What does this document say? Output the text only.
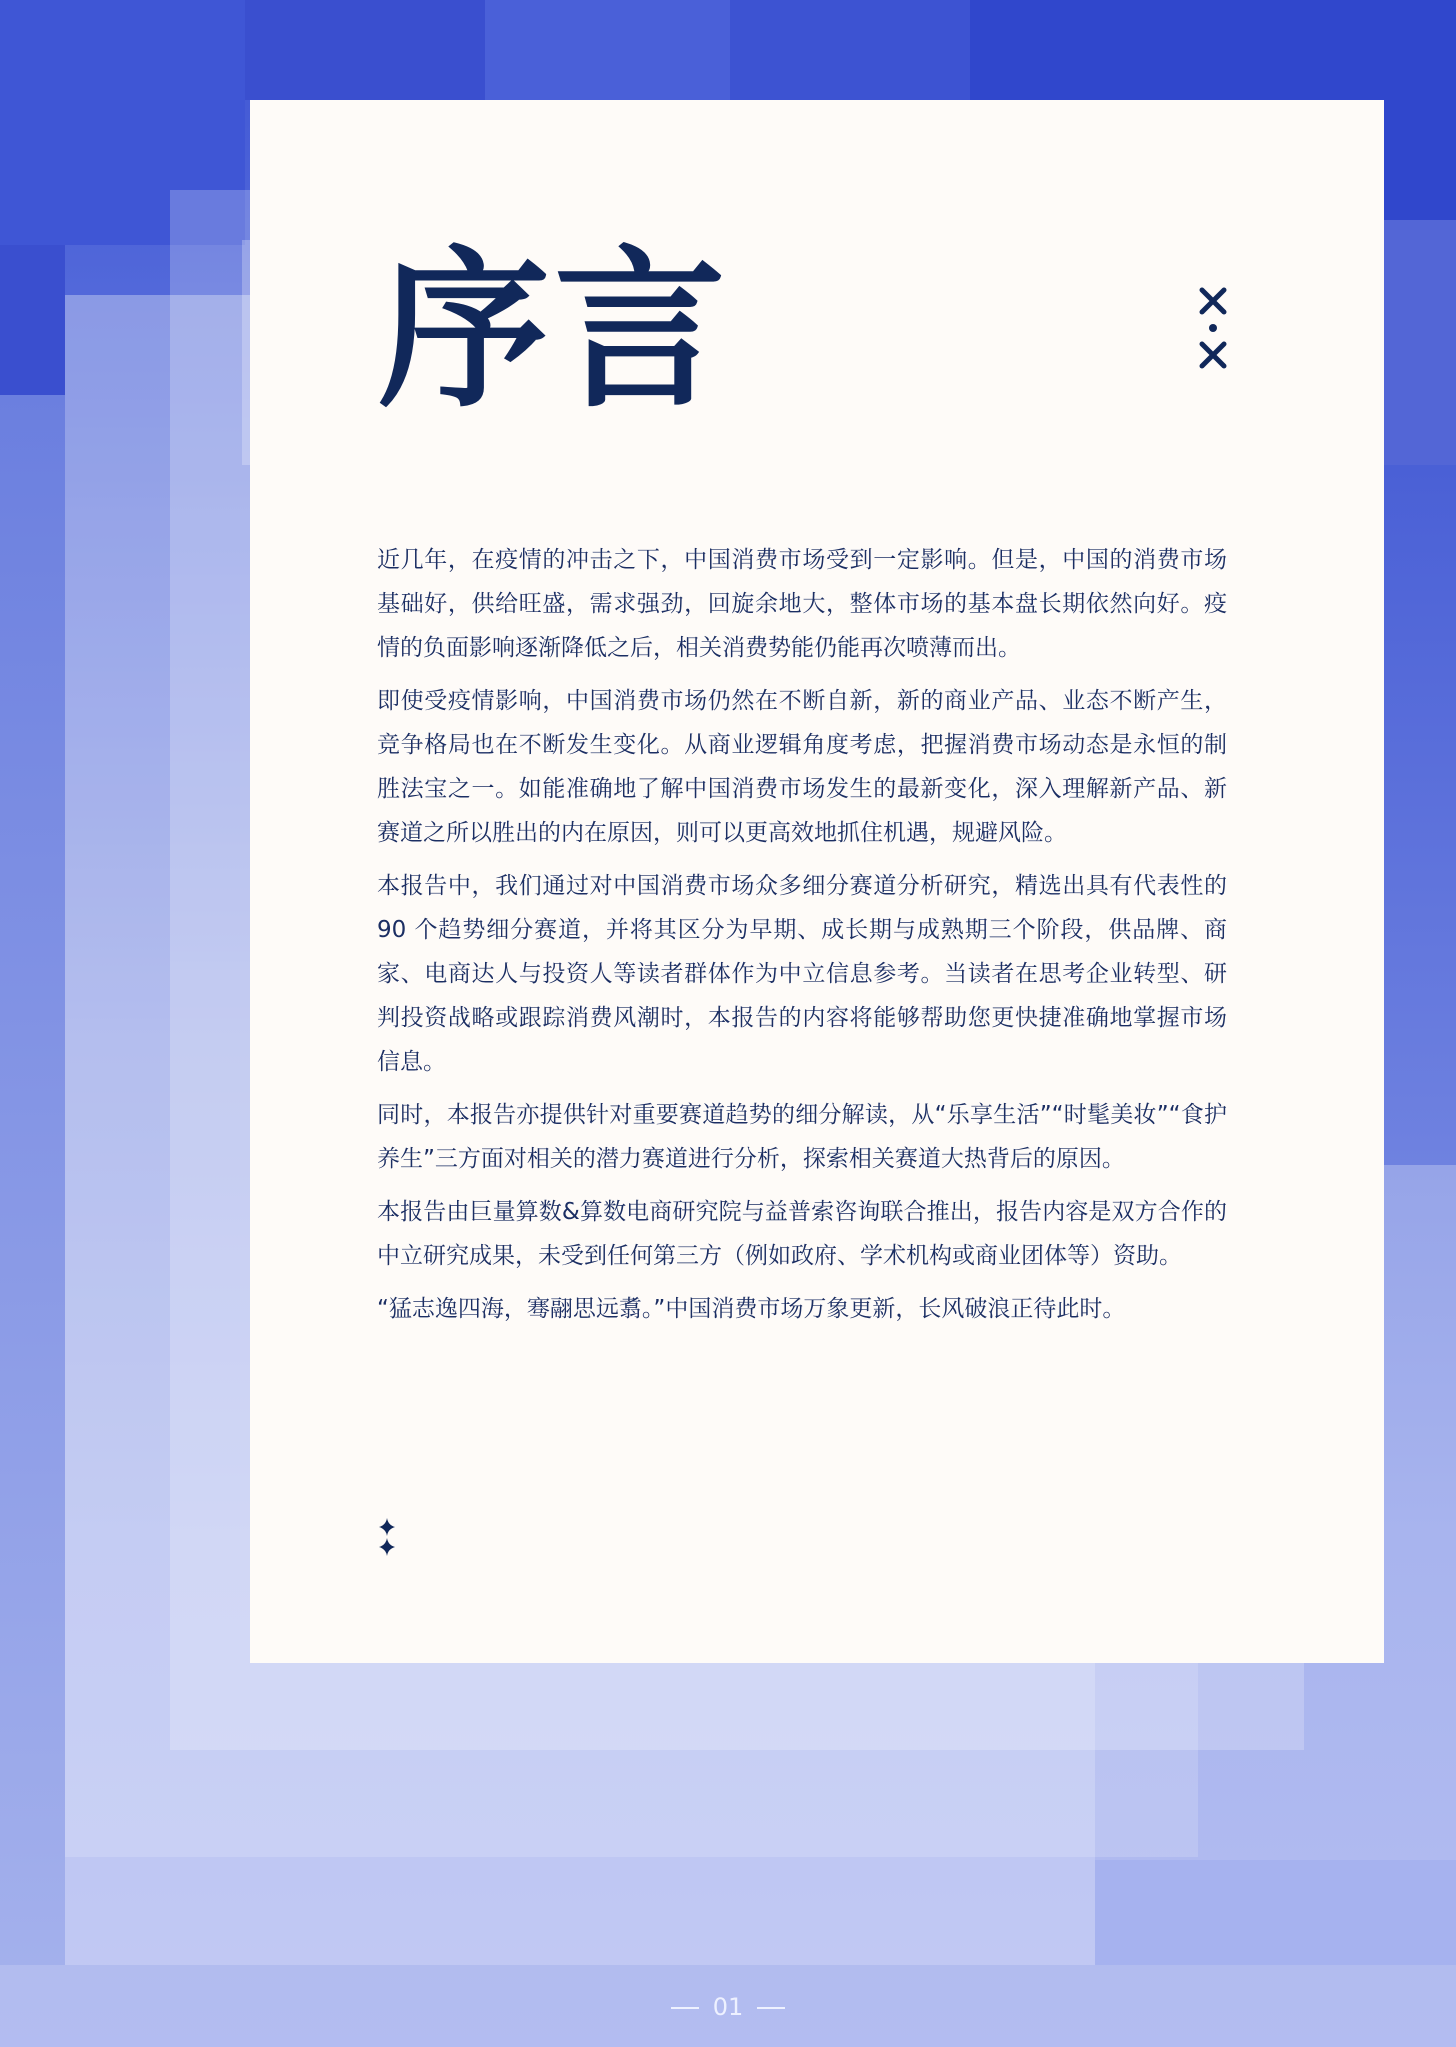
序言

近几年，在疫情的冲击之下，中国消费市场受到一定影响。但是，中国的消费市场基础好，供给旺盛，需求强劲，回旋余地大，整体市场的基本盘长期依然向好。疫情的负面影响逐渐降低之后，相关消费势能仍能再次喷薄而出。

即使受疫情影响，中国消费市场仍然在不断自新，新的商业产品、业态不断产生，竞争格局也在不断发生变化。从商业逻辑角度考虑，把握消费市场动态是永恒的制胜法宝之一。如能准确地了解中国消费市场发生的最新变化，深入理解新产品、新赛道之所以胜出的内在原因，则可以更高效地抓住机遇，规避风险。

本报告中，我们通过对中国消费市场众多细分赛道分析研究，精选出具有代表性的 90 个趋势细分赛道，并将其区分为早期、成长期与成熟期三个阶段，供品牌、商家、电商达人与投资人等读者群体作为中立信息参考。当读者在思考企业转型、研判投资战略或跟踪消费风潮时，本报告的内容将能够帮助您更快捷准确地掌握市场信息。

同时，本报告亦提供针对重要赛道趋势的细分解读，从“乐享生活”“时髦美妆”“食护养生”三方面对相关的潜力赛道进行分析，探索相关赛道大热背后的原因。

本报告由巨量算数&算数电商研究院与益普索咨询联合推出，报告内容是双方合作的中立研究成果，未受到任何第三方（例如政府、学术机构或商业团体等）资助。

“猛志逸四海，骞翮思远翥。”中国消费市场万象更新，长风破浪正待此时。

01
